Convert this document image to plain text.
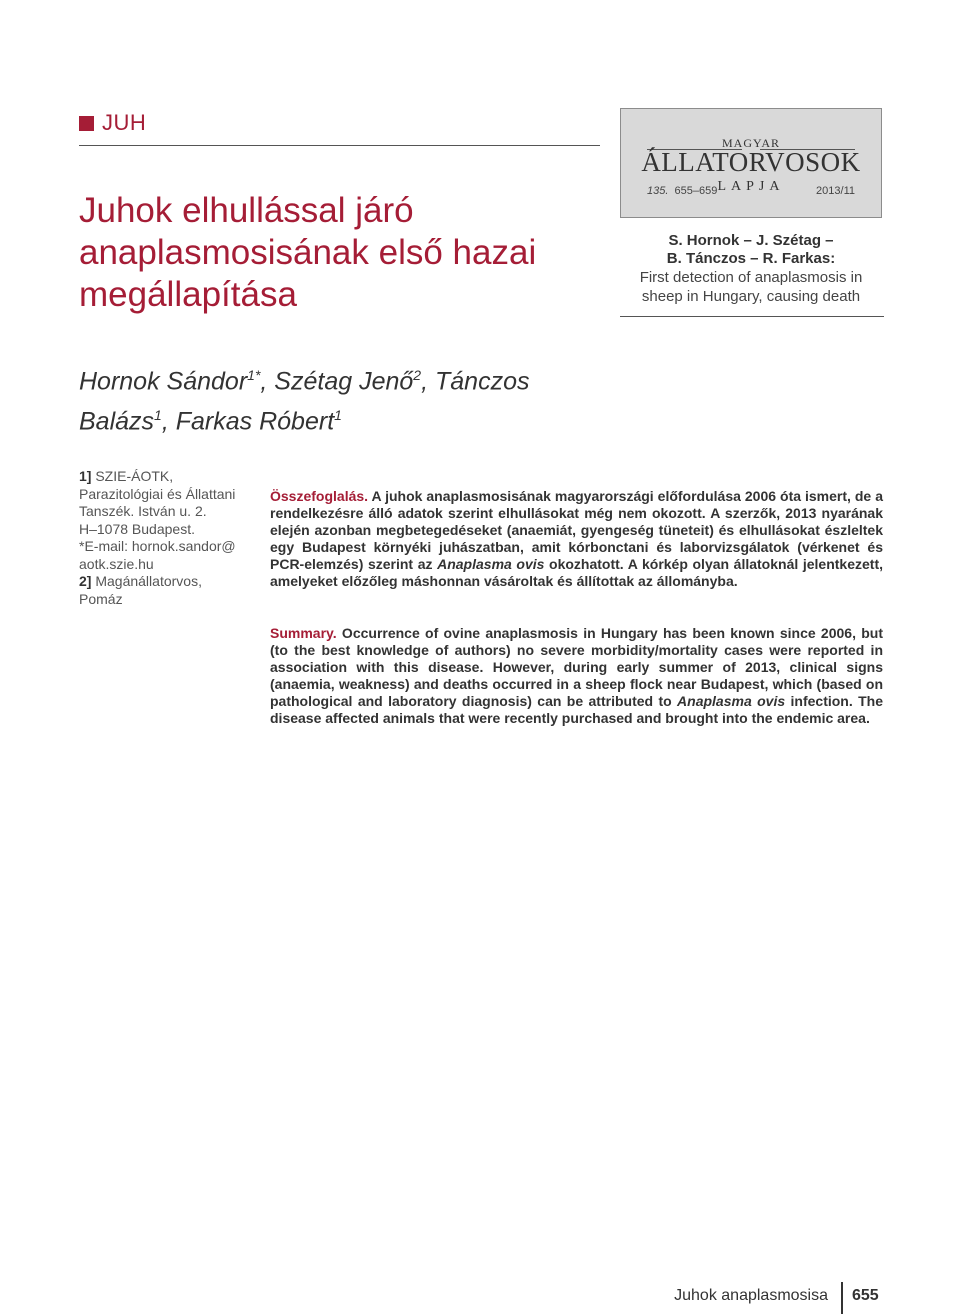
JUH
Juhok elhullással járó
anaplasmosisának első hazai
megállapítása
MAGYAR
ÁLLATORVOSOK
135. 655–659 LAPJA	2013/11
S. Hornok – J. Szétag –
B. Tánczos – R. Farkas:
First detection of anaplasmosis in
sheep in Hungary, causing death

Hornok Sándor$^{1*}$, Szétag Jenő$^2$, Tánczos Balázs$^1$, Farkas Róbert$^1$

1] SZIE-ÁOTK,
Parazitológiai és Állattani
Tanszék. István u. 2.
H–1078 Budapest.
*E-mail: hornok.sandor@
aotk.szie.hu
2] Magánállatorvos,
Pomáz

Összefoglalás. A juhok anaplasmosisának magyarországi előfordulása 2006 óta ismert, de a rendelkezésre álló adatok szerint elhullásokat még nem okozott. A szerzők, 2013 nyarának elején azonban megbetegedéseket (anaemiát, gyengeség tüneteit) és elhullásokat észleltek egy Budapest környéki juhászatban, amit kórbonctani és laborvizsgálatok (vérkenet és PCR-elemzés) szerint az Anaplasma ovis okozhatott. A kórkép olyan állatoknál jelentkezett, amelyeket előzőleg máshonnan vásároltak és állítottak az állományba.

Summary. Occurrence of ovine anaplasmosis in Hungary has been known since 2006, but (to the best knowledge of authors) no severe morbidity/mortality cases were reported in association with this disease. However, during early summer of 2013, clinical signs (anaemia, weakness) and deaths occurred in a sheep flock near Budapest, which (based on pathological and laboratory diagnosis) can be attributed to Anaplasma ovis infection. The disease affected animals that were recently purchased and brought into the endemic area.

Juhok anaplasmosisa 655
